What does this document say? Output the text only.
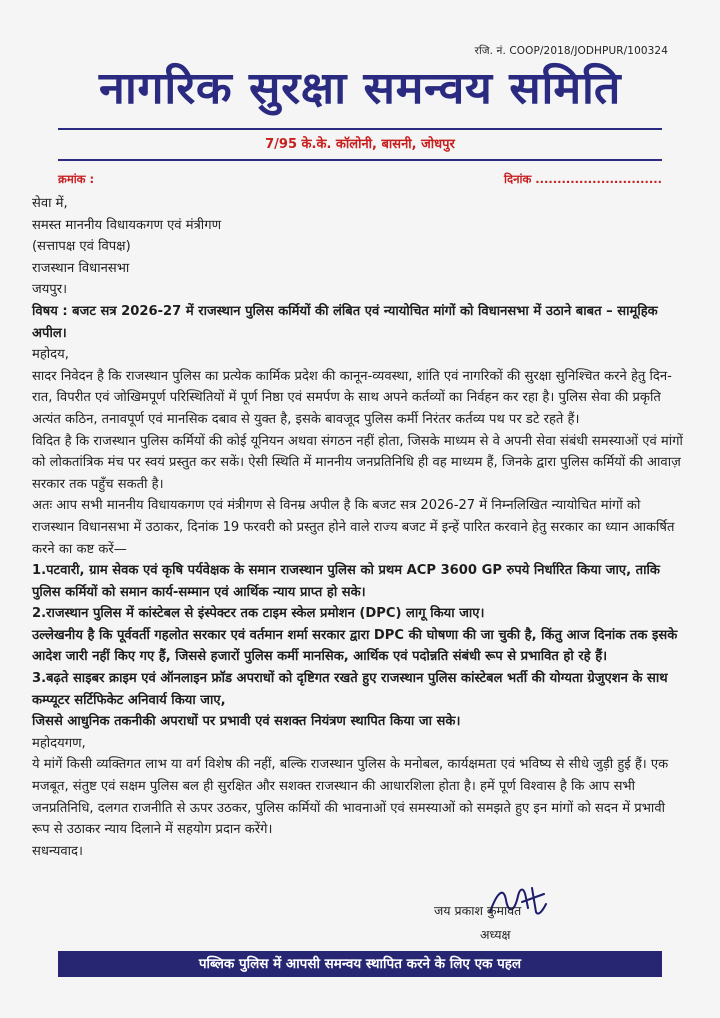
रजि. नं. COOP/2018/JODHPUR/100324
नागरिक सुरक्षा समन्वय समिति
7/95 के.के. कॉलोनी, बासनी, जोधपुर
क्रमांक :	दिनांक .............................

सेवा में,

समस्त माननीय विधायकगण एवं मंत्रीगण

(सत्तापक्ष एवं विपक्ष)

राजस्थान विधानसभा

जयपुर।

विषय : बजट सत्र 2026-27 में राजस्थान पुलिस कर्मियों की लंबित एवं न्यायोचित मांगों को विधानसभा में उठाने बाबत – सामूहिक अपील।

महोदय,

सादर निवेदन है कि राजस्थान पुलिस का प्रत्येक कार्मिक प्रदेश की कानून-व्यवस्था, शांति एवं नागरिकों की सुरक्षा सुनिश्चित करने हेतु दिन-रात, विपरीत एवं जोखिमपूर्ण परिस्थितियों में पूर्ण निष्ठा एवं समर्पण के साथ अपने कर्तव्यों का निर्वहन कर रहा है। पुलिस सेवा की प्रकृति अत्यंत कठिन, तनावपूर्ण एवं मानसिक दबाव से युक्त है, इसके बावजूद पुलिस कर्मी निरंतर कर्तव्य पथ पर डटे रहते हैं।

विदित है कि राजस्थान पुलिस कर्मियों की कोई यूनियन अथवा संगठन नहीं होता, जिसके माध्यम से वे अपनी सेवा संबंधी समस्याओं एवं मांगों को लोकतांत्रिक मंच पर स्वयं प्रस्तुत कर सकें। ऐसी स्थिति में माननीय जनप्रतिनिधि ही वह माध्यम हैं, जिनके द्वारा पुलिस कर्मियों की आवाज़ सरकार तक पहुँच सकती है।

अतः आप सभी माननीय विधायकगण एवं मंत्रीगण से विनम्र अपील है कि बजट सत्र 2026-27 में निम्नलिखित न्यायोचित मांगों को राजस्थान विधानसभा में उठाकर, दिनांक 19 फरवरी को प्रस्तुत होने वाले राज्य बजट में इन्हें पारित करवाने हेतु सरकार का ध्यान आकर्षित करने का कष्ट करें—

1.पटवारी, ग्राम सेवक एवं कृषि पर्यवेक्षक के समान राजस्थान पुलिस को प्रथम ACP 3600 GP रुपये निर्धारित किया जाए, ताकि पुलिस कर्मियों को समान कार्य-सम्मान एवं आर्थिक न्याय प्राप्त हो सके।

2.राजस्थान पुलिस में कांस्टेबल से इंस्पेक्टर तक टाइम स्केल प्रमोशन (DPC) लागू किया जाए।

उल्लेखनीय है कि पूर्ववर्ती गहलोत सरकार एवं वर्तमान शर्मा सरकार द्वारा DPC की घोषणा की जा चुकी है, किंतु आज दिनांक तक इसके आदेश जारी नहीं किए गए हैं, जिससे हजारों पुलिस कर्मी मानसिक, आर्थिक एवं पदोन्नति संबंधी रूप से प्रभावित हो रहे हैं।

3.बढ़ते साइबर क्राइम एवं ऑनलाइन फ्रॉड अपराधों को दृष्टिगत रखते हुए राजस्थान पुलिस कांस्टेबल भर्ती की योग्यता ग्रेजुएशन के साथ कम्प्यूटर सर्टिफिकेट अनिवार्य किया जाए,

जिससे आधुनिक तकनीकी अपराधों पर प्रभावी एवं सशक्त नियंत्रण स्थापित किया जा सके।

महोदयगण,

ये मांगें किसी व्यक्तिगत लाभ या वर्ग विशेष की नहीं, बल्कि राजस्थान पुलिस के मनोबल, कार्यक्षमता एवं भविष्य से सीधे जुड़ी हुई हैं। एक मजबूत, संतुष्ट एवं सक्षम पुलिस बल ही सुरक्षित और सशक्त राजस्थान की आधारशिला होता है। हमें पूर्ण विश्वास है कि आप सभी जनप्रतिनिधि, दलगत राजनीति से ऊपर उठकर, पुलिस कर्मियों की भावनाओं एवं समस्याओं को समझते हुए इन मांगों को सदन में प्रभावी रूप से उठाकर न्याय दिलाने में सहयोग प्रदान करेंगे।

सधन्यवाद।

जय प्रकाश कुमावत
अध्यक्ष
पब्लिक पुलिस में आपसी समन्वय स्थापित करने के लिए एक पहल
